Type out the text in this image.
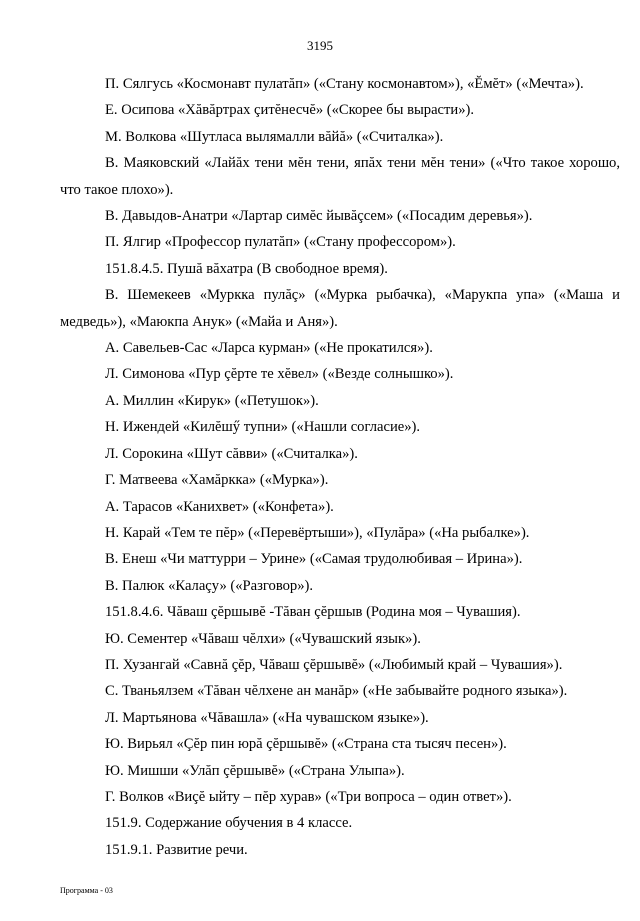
3195

П. Сялгусь «Космонавт пулатăп» («Стану космонавтом»), «Ĕмĕт» («Мечта»).

Е. Осипова «Хăвăртрах çитĕнесчĕ» («Скорее бы вырасти»).

М. Волкова «Шутласа вылямалли вăйă» («Считалка»).

В. Маяковский «Лайăх тени мĕн тени, япăх тени мĕн тени» («Что такое хорошо, что такое плохо»).

В. Давыдов-Анатри «Лартар симĕс йывăçсем» («Посадим деревья»).

П. Ялгир «Профессор пулатăп» («Стану профессором»).

151.8.4.5. Пушă вăхатра (В свободное время).

В. Шемекеев «Муркка пулăç» («Мурка рыбачка), «Марукпа упа» («Маша и медведь»), «Маюкпа Анук» («Майа и Аня»).

А. Савельев-Сас «Ларса курман» («Не прокатился»).

Л. Симонова «Пур çĕрте те хĕвел» («Везде солнышко»).

А. Миллин «Кирук» («Петушок»).

Н. Ижендей «Килĕшӳ тупни» («Нашли согласие»).

Л. Сорокина «Шут сăвви» («Считалка»).

Г. Матвеева «Хамăркка» («Мурка»).

А. Тарасов «Канихвет» («Конфета»).

Н. Карай «Тем те пĕр» («Перевёртыши»), «Пулăра» («На рыбалке»).

В. Енеш «Чи маттурри – Урине» («Самая трудолюбивая – Ирина»).

В. Палюк «Калаçу» («Разговор»).

151.8.4.6. Чăваш çĕршывĕ -Тăван çĕршыв (Родина моя – Чувашия).

Ю. Сементер «Чăваш чĕлхи» («Чувашский язык»).

П. Хузангай «Савнă çĕр, Чăваш çĕршывĕ» («Любимый край – Чувашия»).

С. Тваньялзем «Тăван чĕлхене ан манăр» («Не забывайте родного языка»).

Л. Мартьянова «Чăвашла» («На чувашском языке»).

Ю. Вирьял «Çĕр пин юрă çĕршывĕ» («Страна ста тысяч песен»).

Ю. Мишши «Улăп çĕршывĕ» («Страна Улыпа»).

Г. Волков «Виçĕ ыйту – пĕр хурав» («Три вопроса – один ответ»).

151.9. Содержание обучения в 4 классе.

151.9.1. Развитие речи.

Программа - 03
